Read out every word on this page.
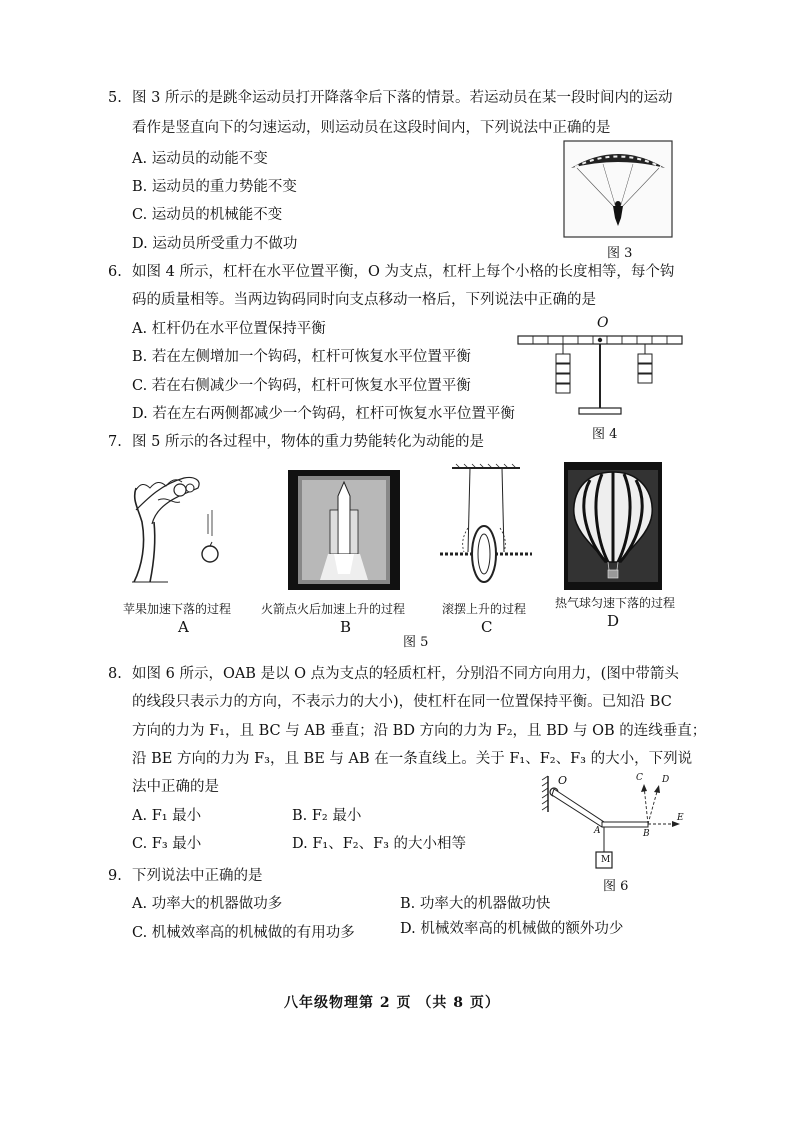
5. 图 3 所示的是跳伞运动员打开降落伞后下落的情景。若运动员在某一段时间内的运动
看作是竖直向下的匀速运动，则运动员在这段时间内，下列说法中正确的是
A. 运动员的动能不变
B. 运动员的重力势能不变
C. 运动员的机械能不变
D. 运动员所受重力不做功
图 3
6. 如图 4 所示，杠杆在水平位置平衡，O 为支点，杠杆上每个小格的长度相等，每个钩
码的质量相等。当两边钩码同时向支点移动一格后，下列说法中正确的是
A. 杠杆仍在水平位置保持平衡
B. 若在左侧增加一个钩码，杠杆可恢复水平位置平衡
C. 若在右侧减少一个钩码，杠杆可恢复水平位置平衡
D. 若在左右两侧都减少一个钩码，杠杆可恢复水平位置平衡
O
图 4
7. 图 5 所示的各过程中，物体的重力势能转化为动能的是
苹果加速下落的过程
A
火箭点火后加速上升的过程
B
滚摆上升的过程
C
热气球匀速下落的过程
D
图 5
8. 如图 6 所示，OAB 是以 O 点为支点的轻质杠杆，分别沿不同方向用力，(图中带箭头
的线段只表示力的方向，不表示力的大小)，使杠杆在同一位置保持平衡。已知沿 BC
方向的力为 F₁，且 BC 与 AB 垂直；沿 BD 方向的力为 F₂，且 BD 与 OB 的连线垂直；
沿 BE 方向的力为 F₃，且 BE 与 AB 在一条直线上。关于 F₁、F₂、F₃ 的大小，下列说
法中正确的是
A. F₁ 最小	B. F₂ 最小
C. F₃ 最小	D. F₁、F₂、F₃ 的大小相等
O
A	B
C D
E
M
图 6
9. 下列说法中正确的是
A. 功率大的机器做功多	B. 功率大的机器做功快
C. 机械效率高的机械做的有用功多	D. 机械效率高的机械做的额外功少
八年级物理第 2 页 （共 8 页）
